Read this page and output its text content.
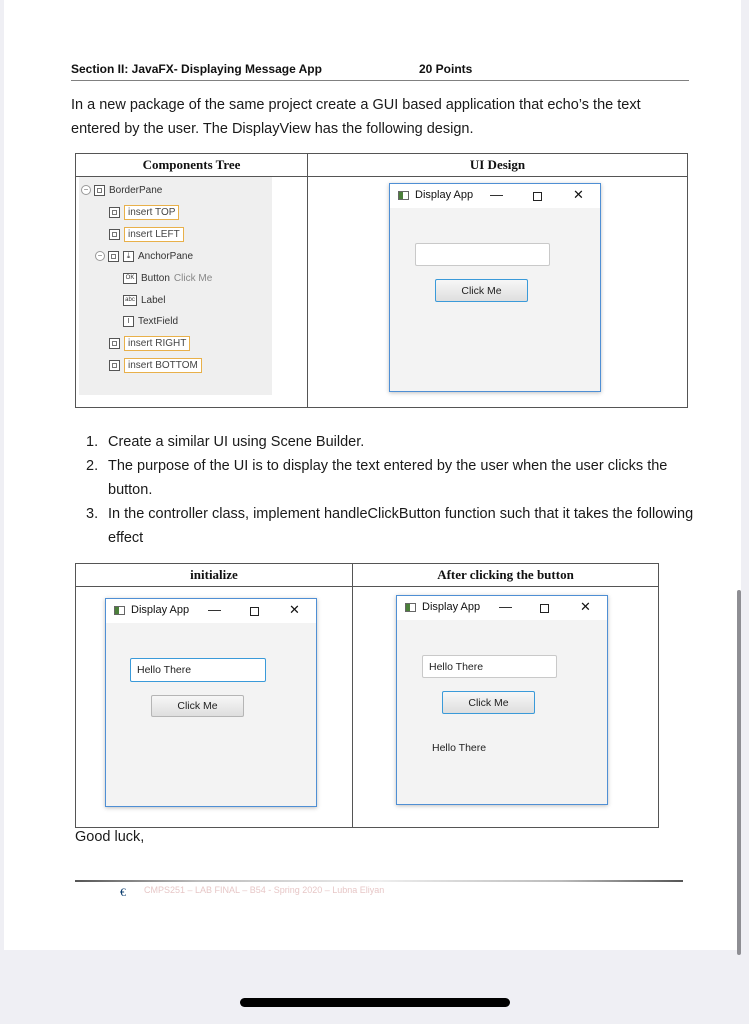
Section II: JavaFX- Displaying Message App	20 Points

In a new package of the same project create a GUI based application that echo’s the text entered by the user. The DisplayView has the following design.

Components Tree	UI Design

− BorderPane
insert TOP
insert LEFT
−	⤓ AnchorPane
OK Button Click Me
abc Label
I TextField
insert RIGHT
insert BOTTOM
Display App —	✕
Click Me
1. Create a similar UI using Scene Builder.
2. The purpose of the UI is to display the text entered by the user when the user clicks the button.
3. In the controller class, implement handleClickButton function such that it takes the following effect
initialize	After clicking the button

Display App —	✕
Hello There
Click Me
Display App —	✕
Hello There
Click Me
Hello There
Good luck,
€ CMPS251 – LAB FINAL – B54 - Spring 2020 – Lubna Eliyan
